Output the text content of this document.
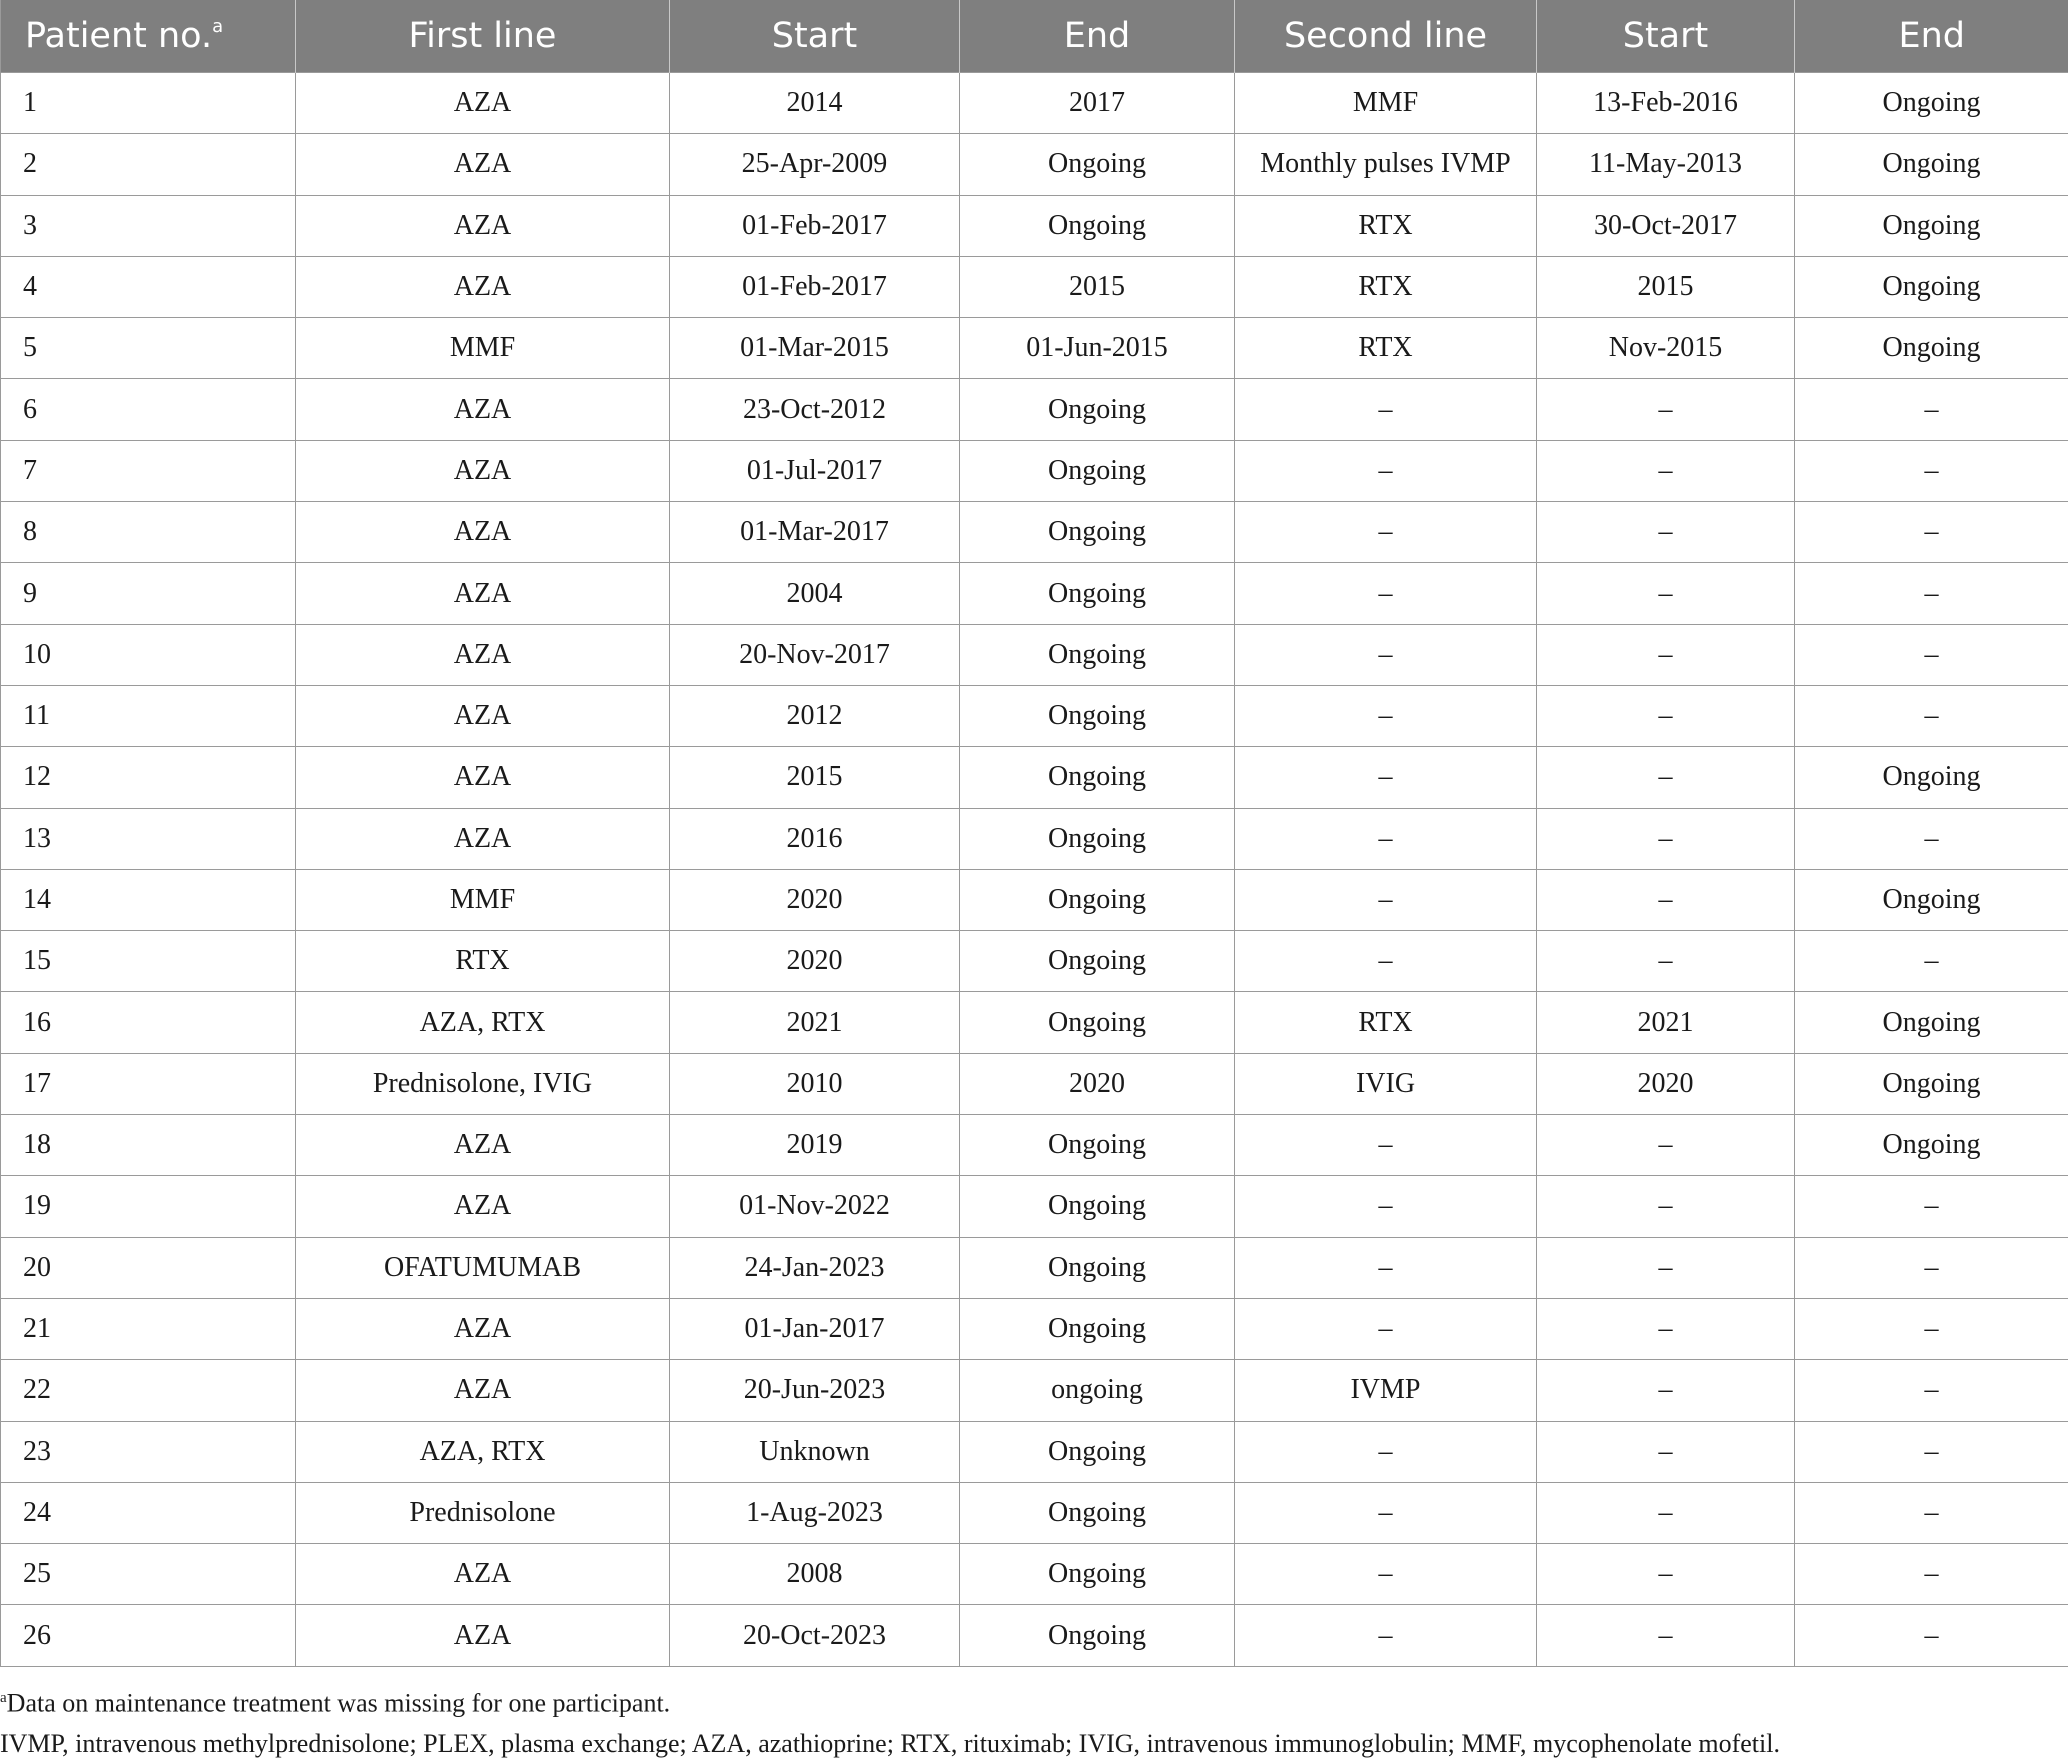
Patient no.$^a$	First line	Start	End	Second line	Start	End
1	AZA	2014	2017	MMF	13-Feb-2016	Ongoing
2	AZA	25-Apr-2009	Ongoing	Monthly pulses IVMP	11-May-2013	Ongoing
3	AZA	01-Feb-2017	Ongoing	RTX	30-Oct-2017	Ongoing
4	AZA	01-Feb-2017	2015	RTX	2015	Ongoing
5	MMF	01-Mar-2015	01-Jun-2015	RTX	Nov-2015	Ongoing
6	AZA	23-Oct-2012	Ongoing	–	–	–
7	AZA	01-Jul-2017	Ongoing	–	–	–
8	AZA	01-Mar-2017	Ongoing	–	–	–
9	AZA	2004	Ongoing	–	–	–
10	AZA	20-Nov-2017	Ongoing	–	–	–
11	AZA	2012	Ongoing	–	–	–
12	AZA	2015	Ongoing	–	–	Ongoing
13	AZA	2016	Ongoing	–	–	–
14	MMF	2020	Ongoing	–	–	Ongoing
15	RTX	2020	Ongoing	–	–	–
16	AZA, RTX	2021	Ongoing	RTX	2021	Ongoing
17	Prednisolone, IVIG	2010	2020	IVIG	2020	Ongoing
18	AZA	2019	Ongoing	–	–	Ongoing
19	AZA	01-Nov-2022	Ongoing	–	–	–
20	OFATUMUMAB	24-Jan-2023	Ongoing	–	–	–
21	AZA	01-Jan-2017	Ongoing	–	–	–
22	AZA	20-Jun-2023	ongoing	IVMP	–	–
23	AZA, RTX	Unknown	Ongoing	–	–	–
24	Prednisolone	1-Aug-2023	Ongoing	–	–	–
25	AZA	2008	Ongoing	–	–	–
26	AZA	20-Oct-2023	Ongoing	–	–	–
$^a$Data on maintenance treatment was missing for one participant.
IVMP, intravenous methylprednisolone; PLEX, plasma exchange; AZA, azathioprine; RTX, rituximab; IVIG, intravenous immunoglobulin; MMF, mycophenolate mofetil.
